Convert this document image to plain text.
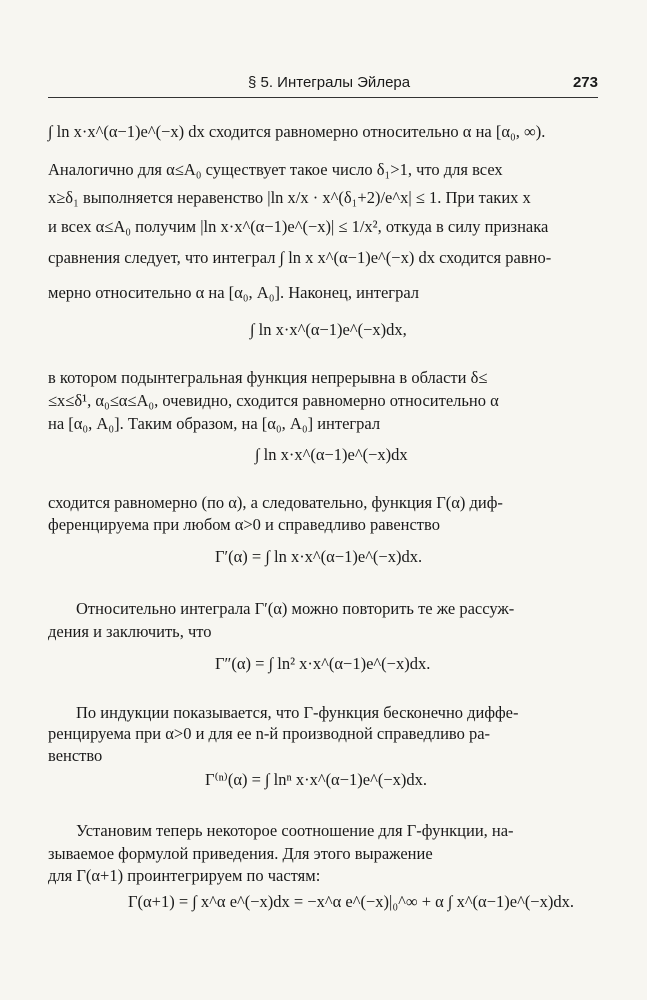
§ 5. Интегралы Эйлера	273
∫ ln x·x^(α−1)e^(−x) dx сходится равномерно относительно α на [α₀, ∞).
Аналогично для α≤A₀ существует такое число δ₁>1, что для всех
x≥δ₁ выполняется неравенство |ln x/x · x^(δ₁+2)/e^x| ≤ 1. При таких x
и всех α≤A₀ получим |ln x·x^(α−1)e^(−x)| ≤ 1/x², откуда в силу признака
сравнения следует, что интеграл ∫ ln x x^(α−1)e^(−x) dx сходится равно-
мерно относительно α на [α₀, A₀]. Наконец, интеграл
∫ ln x·x^(α−1)e^(−x)dx,
в котором подынтегральная функция непрерывна в области δ≤
≤x≤δ¹, α₀≤α≤A₀, очевидно, сходится равномерно относительно α
на [α₀, A₀]. Таким образом, на [α₀, A₀] интеграл
∫ ln x·x^(α−1)e^(−x)dx
сходится равномерно (по α), а следовательно, функция Γ(α) диф-
ференцируема при любом α>0 и справедливо равенство
Γ′(α) = ∫ ln x·x^(α−1)e^(−x)dx.
Относительно интеграла Γ′(α) можно повторить те же рассуж-
дения и заключить, что
Γ″(α) = ∫ ln² x·x^(α−1)e^(−x)dx.
По индукции показывается, что Γ-функция бесконечно диффе-
ренцируема при α>0 и для ее n-й производной справедливо ра-
венство
Γ⁽ⁿ⁾(α) = ∫ lnⁿ x·x^(α−1)e^(−x)dx.
Установим теперь некоторое соотношение для Γ-функции, на-
зываемое формулой приведения. Для этого выражение
для Γ(α+1) проинтегрируем по частям:
Γ(α+1) = ∫ x^α e^(−x)dx = −x^α e^(−x)|₀^∞ + α ∫ x^(α−1)e^(−x)dx.
